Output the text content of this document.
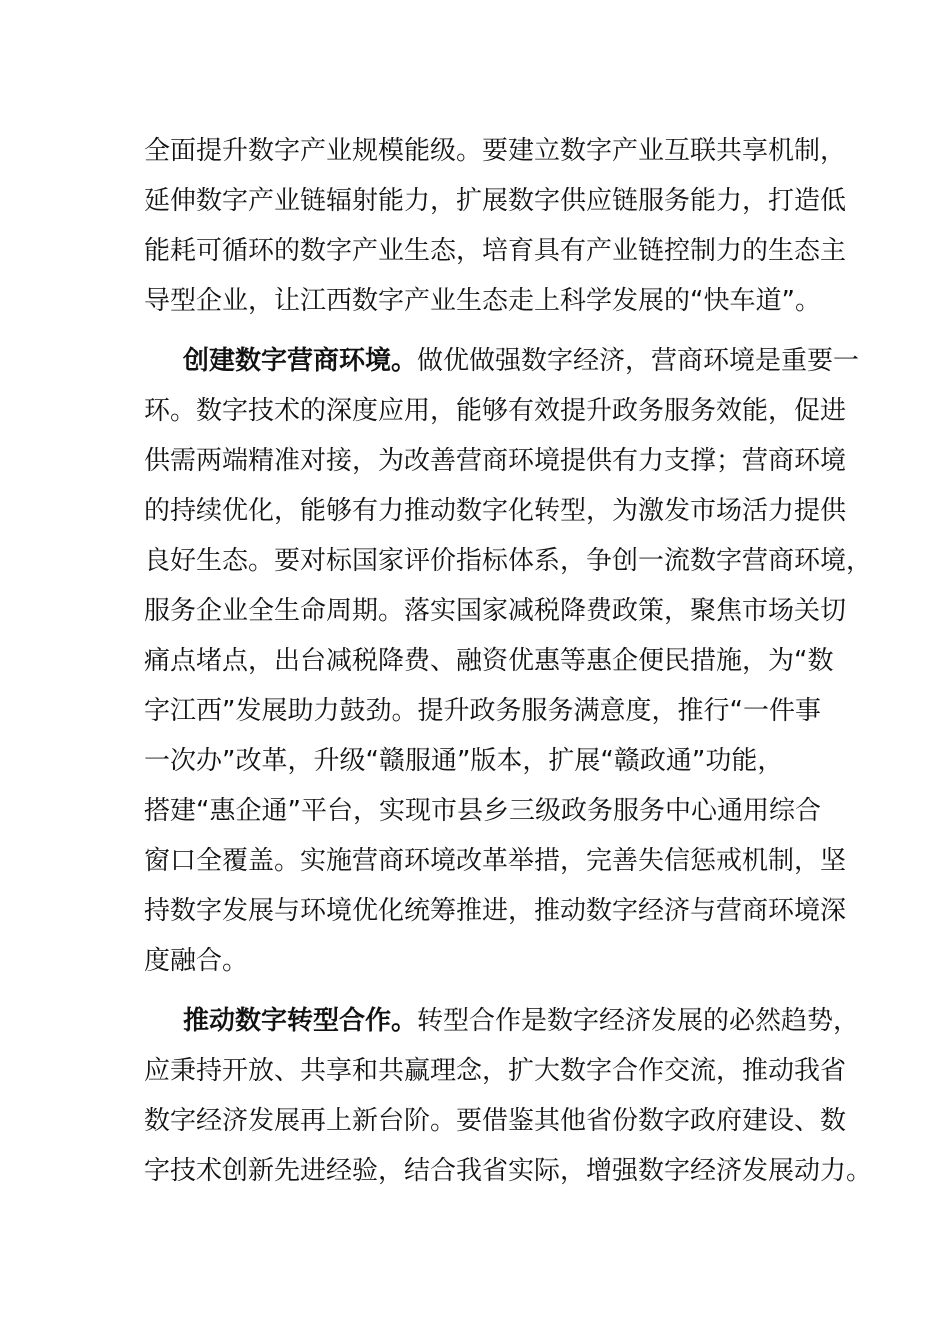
全面提升数字产业规模能级。要建立数字产业互联共享机制，

延伸数字产业链辐射能力，扩展数字供应链服务能力，打造低

能耗可循环的数字产业生态，培育具有产业链控制力的生态主

导型企业，让江西数字产业生态走上科学发展的“快车道”。

创建数字营商环境。做优做强数字经济，营商环境是重要一

环。数字技术的深度应用，能够有效提升政务服务效能，促进

供需两端精准对接，为改善营商环境提供有力支撑；营商环境

的持续优化，能够有力推动数字化转型，为激发市场活力提供

良好生态。要对标国家评价指标体系，争创一流数字营商环境，

服务企业全生命周期。落实国家减税降费政策，聚焦市场关切

痛点堵点，出台减税降费、融资优惠等惠企便民措施，为“数

字江西”发展助力鼓劲。提升政务服务满意度，推行“一件事

一次办”改革，升级“赣服通”版本，扩展“赣政通”功能，

搭建“惠企通”平台，实现市县乡三级政务服务中心通用综合

窗口全覆盖。实施营商环境改革举措，完善失信惩戒机制，坚

持数字发展与环境优化统筹推进，推动数字经济与营商环境深

度融合。

推动数字转型合作。转型合作是数字经济发展的必然趋势，

应秉持开放、共享和共赢理念，扩大数字合作交流，推动我省

数字经济发展再上新台阶。要借鉴其他省份数字政府建设、数

字技术创新先进经验，结合我省实际，增强数字经济发展动力。
